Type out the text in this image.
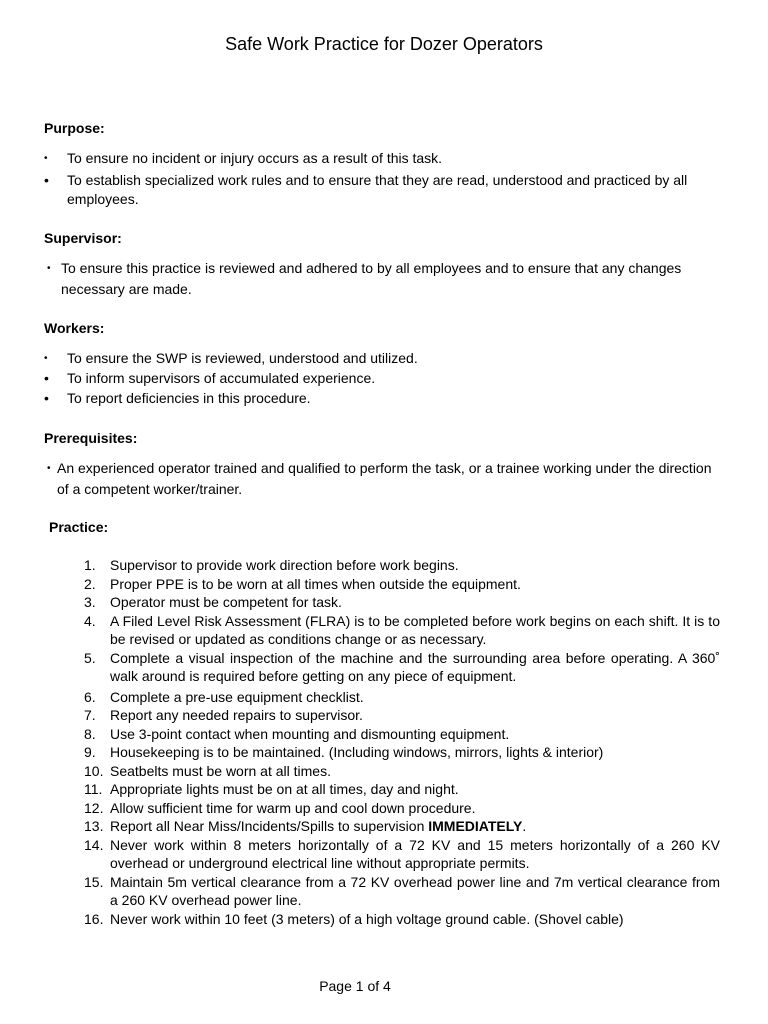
Safe Work Practice for Dozer Operators
Purpose:
• To ensure no incident or injury occurs as a result of this task.
• To establish specialized work rules and to ensure that they are read, understood and practiced by all employees.
Supervisor:
• To ensure this practice is reviewed and adhered to by all employees and to ensure that any changes necessary are made.
Workers:
• To ensure the SWP is reviewed, understood and utilized.
• To inform supervisors of accumulated experience.
• To report deficiencies in this procedure.
Prerequisites:
• An experienced operator trained and qualified to perform the task, or a trainee working under the direction of a competent worker/trainer.
Practice:
1.	Supervisor to provide work direction before work begins.
2.	Proper PPE is to be worn at all times when outside the equipment.
3.	Operator must be competent for task.
4.	A Filed Level Risk Assessment (FLRA) is to be completed before work begins on each shift. It is to be revised or updated as conditions change or as necessary.
5.	Complete a visual inspection of the machine and the surrounding area before operating. A 360˚ walk around is required before getting on any piece of equipment.
6.	Complete a pre-use equipment checklist.
7.	Report any needed repairs to supervisor.
8.	Use 3-point contact when mounting and dismounting equipment.
9.	Housekeeping is to be maintained. (Including windows, mirrors, lights & interior)
10. Seatbelts must be worn at all times.
11. Appropriate lights must be on at all times, day and night.
12. Allow sufficient time for warm up and cool down procedure.
13. Report all Near Miss/Incidents/Spills to supervision IMMEDIATELY.
14. Never work within 8 meters horizontally of a 72 KV and 15 meters horizontally of a 260 KV overhead or underground electrical line without appropriate permits.
15. Maintain 5m vertical clearance from a 72 KV overhead power line and 7m vertical clearance from a 260 KV overhead power line.
16. Never work within 10 feet (3 meters) of a high voltage ground cable. (Shovel cable)
Page 1 of 4
